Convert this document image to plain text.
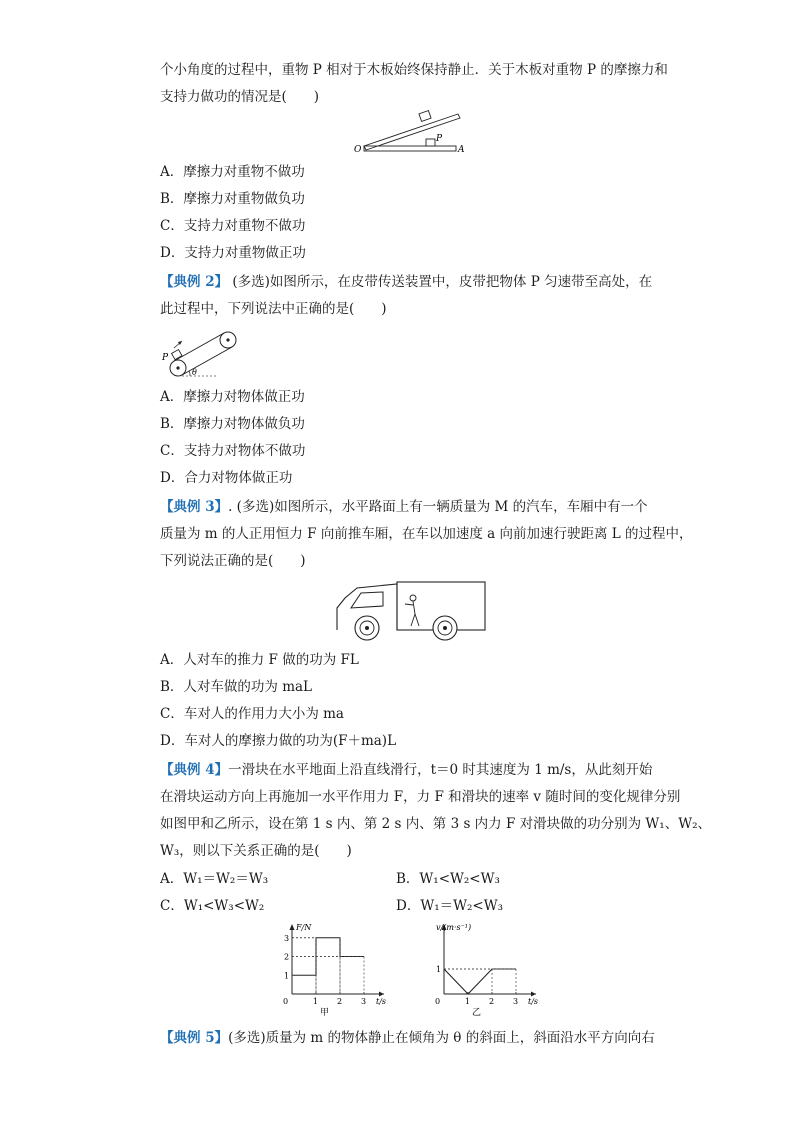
个小角度的过程中，重物 P 相对于木板始终保持静止．关于木板对重物 P 的摩擦力和
支持力做功的情况是(　　)
O	A
P
A．摩擦力对重物不做功
B．摩擦力对重物做负功
C．支持力对重物不做功
D．支持力对重物做正功
【典例 2】 (多选)如图所示，在皮带传送装置中，皮带把物体 P 匀速带至高处，在
此过程中，下列说法中正确的是(　　)
P
θ
A．摩擦力对物体做正功
B．摩擦力对物体做负功
C．支持力对物体不做功
D．合力对物体做正功
【典例 3】. (多选)如图所示，水平路面上有一辆质量为 M 的汽车，车厢中有一个
质量为 m 的人正用恒力 F 向前推车厢，在车以加速度 a 向前加速行驶距离 L 的过程中，
下列说法正确的是(　　)
A．人对车的推力 F 做的功为 FL
B．人对车做的功为 maL
C．车对人的作用力大小为 ma
D．车对人的摩擦力做的功为(F＋ma)L
【典例 4】一滑块在水平地面上沿直线滑行，t＝0 时其速度为 1 m/s，从此刻开始
在滑块运动方向上再施加一水平作用力 F，力 F 和滑块的速率 v 随时间的变化规律分别
如图甲和乙所示，设在第 1 s 内、第 2 s 内、第 3 s 内力 F 对滑块做的功分别为 W₁、W₂、
W₃，则以下关系正确的是(　　)
A．W₁＝W₂＝W₃	B．W₁<W₂<W₃
C．W₁<W₃<W₂	D．W₁＝W₂<W₃
F/N
t/s
0	1 2 3
1
2
3
甲
v/(m·s⁻¹)
t/s
0	1 2 3
1
乙
【典例 5】(多选)质量为 m 的物体静止在倾角为 θ 的斜面上，斜面沿水平方向向右
